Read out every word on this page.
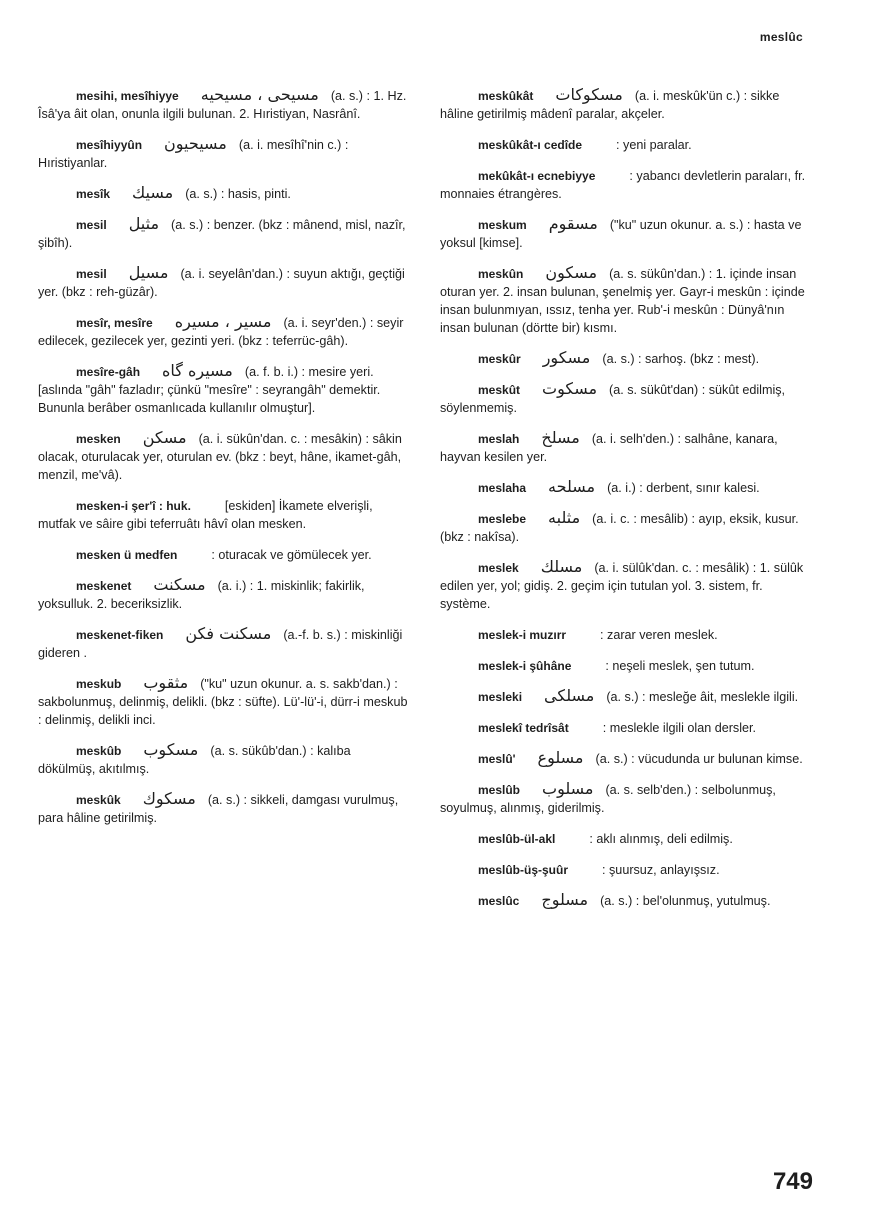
meslûc
mesihi, mesîhiyye مسيحى ، مسيحيه (a. s.) : 1. Hz. Îsâ'ya âit olan, onunla ilgili bulunan. 2. Hıristiyan, Nasrânî.
mesîhiyyûn مسيحيون (a. i. mesîhî'nin c.) : Hıristiyanlar.
mesîk مسيك (a. s.) : hasis, pinti.
mesil مثيل (a. s.) : benzer. (bkz : mânend, misl, nazîr, şibîh).
mesil مسيل (a. i. seyelân'dan.) : suyun aktığı, geçtiği yer. (bkz : reh-güzâr).
mesîr, mesîre مسير ، مسيره (a. i. seyr'den.) : seyir edilecek, gezilecek yer, gezinti yeri. (bkz : teferrüc-gâh).
mesîre-gâh مسيره گاه (a. f. b. i.) : mesire yeri. [aslında "gâh" fazladır; çünkü "mesîre" : seyrangâh" demektir. Bununla berâber osmanlıcada kullanılır olmuştur].
mesken مسكن (a. i. sükûn'dan. c. : mesâkin) : sâkin olacak, oturulacak yer, oturulan ev. (bkz : beyt, hâne, ikamet-gâh, menzil, me'vâ).
mesken-i şer'î : huk.	[eskiden] İkamete elverişli, mutfak ve sâire gibi teferruâtı hâvî olan mesken.
mesken ü medfen	: oturacak ve gömülecek yer.
meskenet مسكنت (a. i.) : 1. miskinlik; fakirlik, yoksulluk. 2. beceriksizlik.
meskenet-fiken مسكنت فكن (a.-f. b. s.) : miskinliği gideren .
meskub مثقوب ("ku" uzun okunur. a. s. sakb'dan.) : sakbolunmuş, delinmiş, delikli. (bkz : süfte). Lü'-lü'-i, dürr-i meskub : delinmiş, delikli inci.
meskûb مسكوب (a. s. sükûb'dan.) : kalıba dökülmüş, akıtılmış.
meskûk مسكوك (a. s.) : sikkeli, damgası vurulmuş, para hâline getirilmiş.
meskûkât مسكوكات (a. i. meskûk'ün c.) : sikke hâline getirilmiş mâdenî paralar, akçeler.
meskûkât-ı cedîde	: yeni paralar.
mekûkât-ı ecnebiyye	: yabancı devletlerin paraları, fr. monnaies étrangères.
meskum مسقوم ("ku" uzun okunur. a. s.) : hasta ve yoksul [kimse].
meskûn مسكون (a. s. sükûn'dan.) : 1. içinde insan oturan yer. 2. insan bulunan, şenelmiş yer. Gayr-i meskûn : içinde insan bulunmıyan, ıssız, tenha yer. Rub'-i meskûn : Dünyâ'nın insan bulunan (dörtte bir) kısmı.
meskûr مسكور (a. s.) : sarhoş. (bkz : mest).
meskût مسكوت (a. s. sükût'dan) : sükût edilmiş, söylenmemiş.
meslah مسلخ (a. i. selh'den.) : salhâne, kanara, hayvan kesilen yer.
meslaha مسلحه (a. i.) : derbent, sınır kalesi.
meslebe مثلبه (a. i. c. : mesâlib) : ayıp, eksik, kusur. (bkz : nakîsa).
meslek مسلك (a. i. sülûk'dan. c. : mesâlik) : 1. sülûk edilen yer, yol; gidiş. 2. geçim için tutulan yol. 3. sistem, fr. système.
meslek-i muzırr	: zarar veren meslek.
meslek-i şûhâne	: neşeli meslek, şen tutum.
mesleki مسلكى (a. s.) : mesleğe âit, meslekle ilgili.
meslekî tedrîsât	: meslekle ilgili olan dersler.
meslû' مسلوع (a. s.) : vücudunda ur bulunan kimse.
meslûb مسلوب (a. s. selb'den.) : selbolunmuş, soyulmuş, alınmış, giderilmiş.
meslûb-ül-akl	: aklı alınmış, deli edilmiş.
meslûb-üş-şuûr	: şuursuz, anlayışsız.
meslûc مسلوج (a. s.) : bel'olunmuş, yutulmuş.
749
